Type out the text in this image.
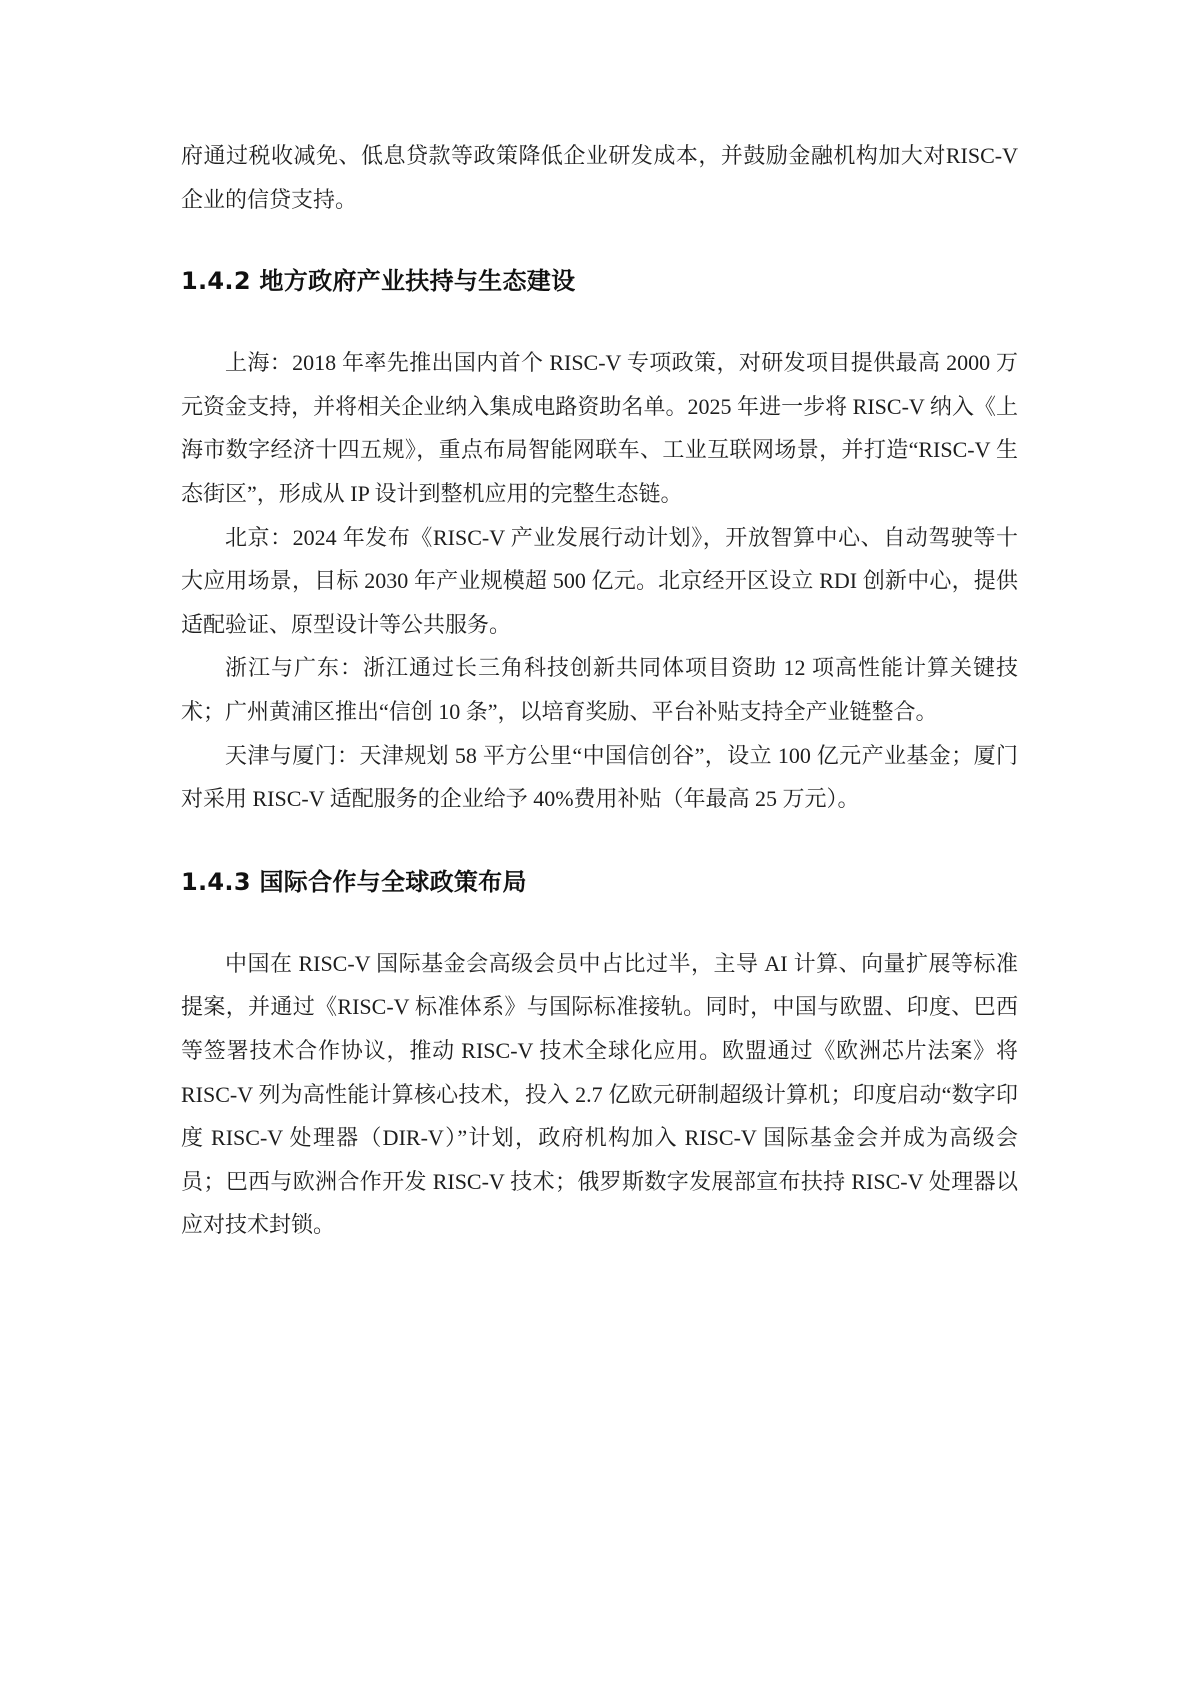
府通过税收减免、低息贷款等政策降低企业研发成本，并鼓励金融机构加大对RISC-V 企业的信贷支持。

1.4.2 地方政府产业扶持与生态建设

上海：2018 年率先推出国内首个 RISC-V 专项政策，对研发项目提供最高 2000 万元资金支持，并将相关企业纳入集成电路资助名单。2025 年进一步将 RISC-V 纳入《上海市数字经济十四五规》，重点布局智能网联车、工业互联网场景，并打造“RISC-V 生态街区”，形成从 IP 设计到整机应用的完整生态链。

北京：2024 年发布《RISC-V 产业发展行动计划》，开放智算中心、自动驾驶等十大应用场景，目标 2030 年产业规模超 500 亿元。北京经开区设立 RDI 创新中心，提供适配验证、原型设计等公共服务。

浙江与广东：浙江通过长三角科技创新共同体项目资助 12 项高性能计算关键技术；广州黄浦区推出“信创 10 条”，以培育奖励、平台补贴支持全产业链整合。

天津与厦门：天津规划 58 平方公里“中国信创谷”，设立 100 亿元产业基金；厦门对采用 RISC-V 适配服务的企业给予 40%费用补贴（年最高 25 万元）。

1.4.3 国际合作与全球政策布局

中国在 RISC-V 国际基金会高级会员中占比过半，主导 AI 计算、向量扩展等标准提案，并通过《RISC-V 标准体系》与国际标准接轨。同时，中国与欧盟、印度、巴西等签署技术合作协议，推动 RISC-V 技术全球化应用。欧盟通过《欧洲芯片法案》将 RISC-V 列为高性能计算核心技术，投入 2.7 亿欧元研制超级计算机；印度启动“数字印度 RISC-V 处理器（DIR-V）”计划，政府机构加入 RISC-V 国际基金会并成为高级会员；巴西与欧洲合作开发 RISC-V 技术；俄罗斯数字发展部宣布扶持 RISC-V 处理器以应对技术封锁。
